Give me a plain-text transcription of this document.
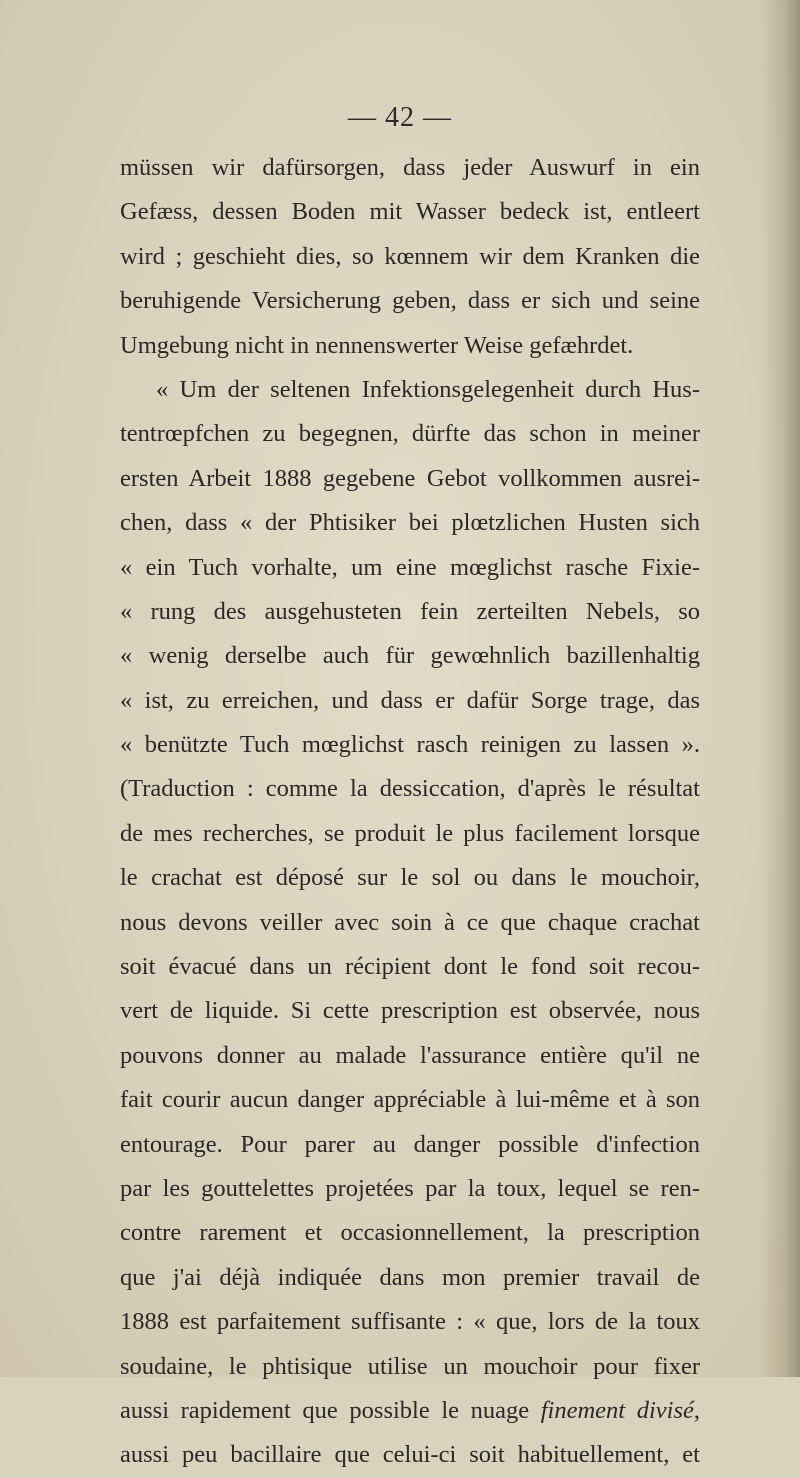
— 42 —
müssen wir dafürsorgen, dass jeder Auswurf in ein
Gefæss, dessen Boden mit Wasser bedeck ist, entleert
wird ; geschieht dies, so kœnnem wir dem Kranken die
beruhigende Versicherung geben, dass er sich und seine
Umgebung nicht in nennenswerter Weise gefæhrdet.
« Um der seltenen Infektionsgelegenheit durch Hus-
tentrœpfchen zu begegnen, dürfte das schon in meiner
ersten Arbeit 1888 gegebene Gebot vollkommen ausrei-
chen, dass « der Phtisiker bei plœtzlichen Husten sich
« ein Tuch vorhalte, um eine mœglichst rasche Fixie-
« rung des ausgehusteten fein zerteilten Nebels, so
« wenig derselbe auch für gewœhnlich bazillenhaltig
« ist, zu erreichen, und dass er dafür Sorge trage, das
« benützte Tuch mœglichst rasch reinigen zu lassen ».
(Traduction : comme la dessiccation, d'après le résultat
de mes recherches, se produit le plus facilement lorsque
le crachat est déposé sur le sol ou dans le mouchoir,
nous devons veiller avec soin à ce que chaque crachat
soit évacué dans un récipient dont le fond soit recou-
vert de liquide. Si cette prescription est observée, nous
pouvons donner au malade l'assurance entière qu'il ne
fait courir aucun danger appréciable à lui-même et à son
entourage. Pour parer au danger possible d'infection
par les gouttelettes projetées par la toux, lequel se ren-
contre rarement et occasionnellement, la prescription
que j'ai déjà indiquée dans mon premier travail de
1888 est parfaitement suffisante : « que, lors de la toux
soudaine, le phtisique utilise un mouchoir pour fixer
aussi rapidement que possible le nuage finement divisé,
aussi peu bacillaire que celui-ci soit habituellement, et
